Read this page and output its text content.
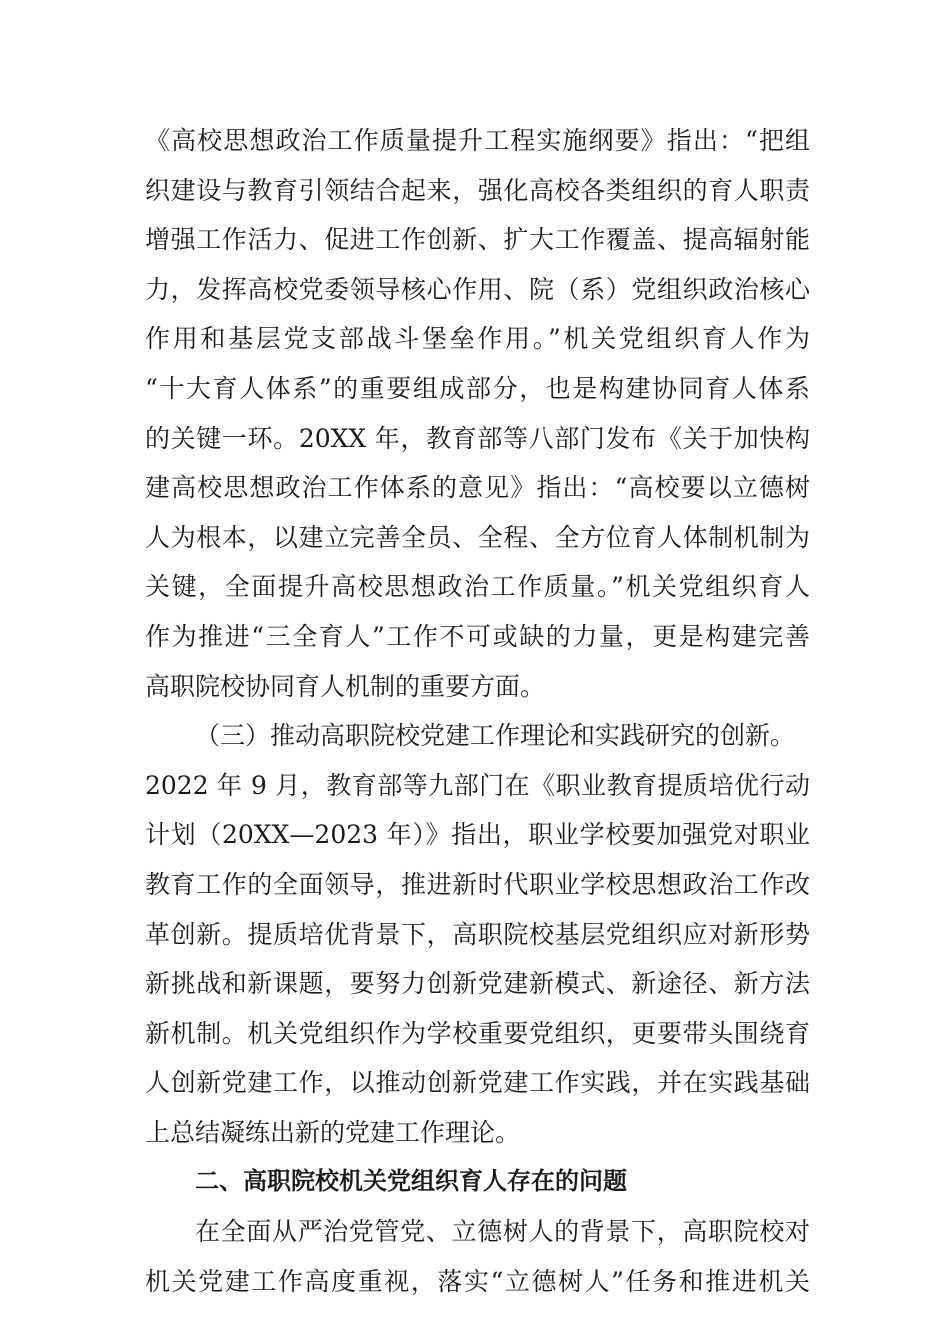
《高校思想政治工作质量提升工程实施纲要》指出：“把组
织建设与教育引领结合起来，强化高校各类组织的育人职责
增强工作活力、促进工作创新、扩大工作覆盖、提高辐射能
力，发挥高校党委领导核心作用、院（系）党组织政治核心
作用和基层党支部战斗堡垒作用。”机关党组织育人作为
“十大育人体系”的重要组成部分，也是构建协同育人体系
的关键一环。20XX 年，教育部等八部门发布《关于加快构
建高校思想政治工作体系的意见》指出：“高校要以立德树
人为根本，以建立完善全员、全程、全方位育人体制机制为
关键，全面提升高校思想政治工作质量。”机关党组织育人
作为推进“三全育人”工作不可或缺的力量，更是构建完善
高职院校协同育人机制的重要方面。
（三）推动高职院校党建工作理论和实践研究的创新。
2022 年 9 月，教育部等九部门在《职业教育提质培优行动
计划（20XX—2023 年）》指出，职业学校要加强党对职业
教育工作的全面领导，推进新时代职业学校思想政治工作改
革创新。提质培优背景下，高职院校基层党组织应对新形势
新挑战和新课题，要努力创新党建新模式、新途径、新方法
新机制。机关党组织作为学校重要党组织，更要带头围绕育
人创新党建工作，以推动创新党建工作实践，并在实践基础
上总结凝练出新的党建工作理论。
二、高职院校机关党组织育人存在的问题
在全面从严治党管党、立德树人的背景下，高职院校对
机关党建工作高度重视，落实“立德树人”任务和推进机关
